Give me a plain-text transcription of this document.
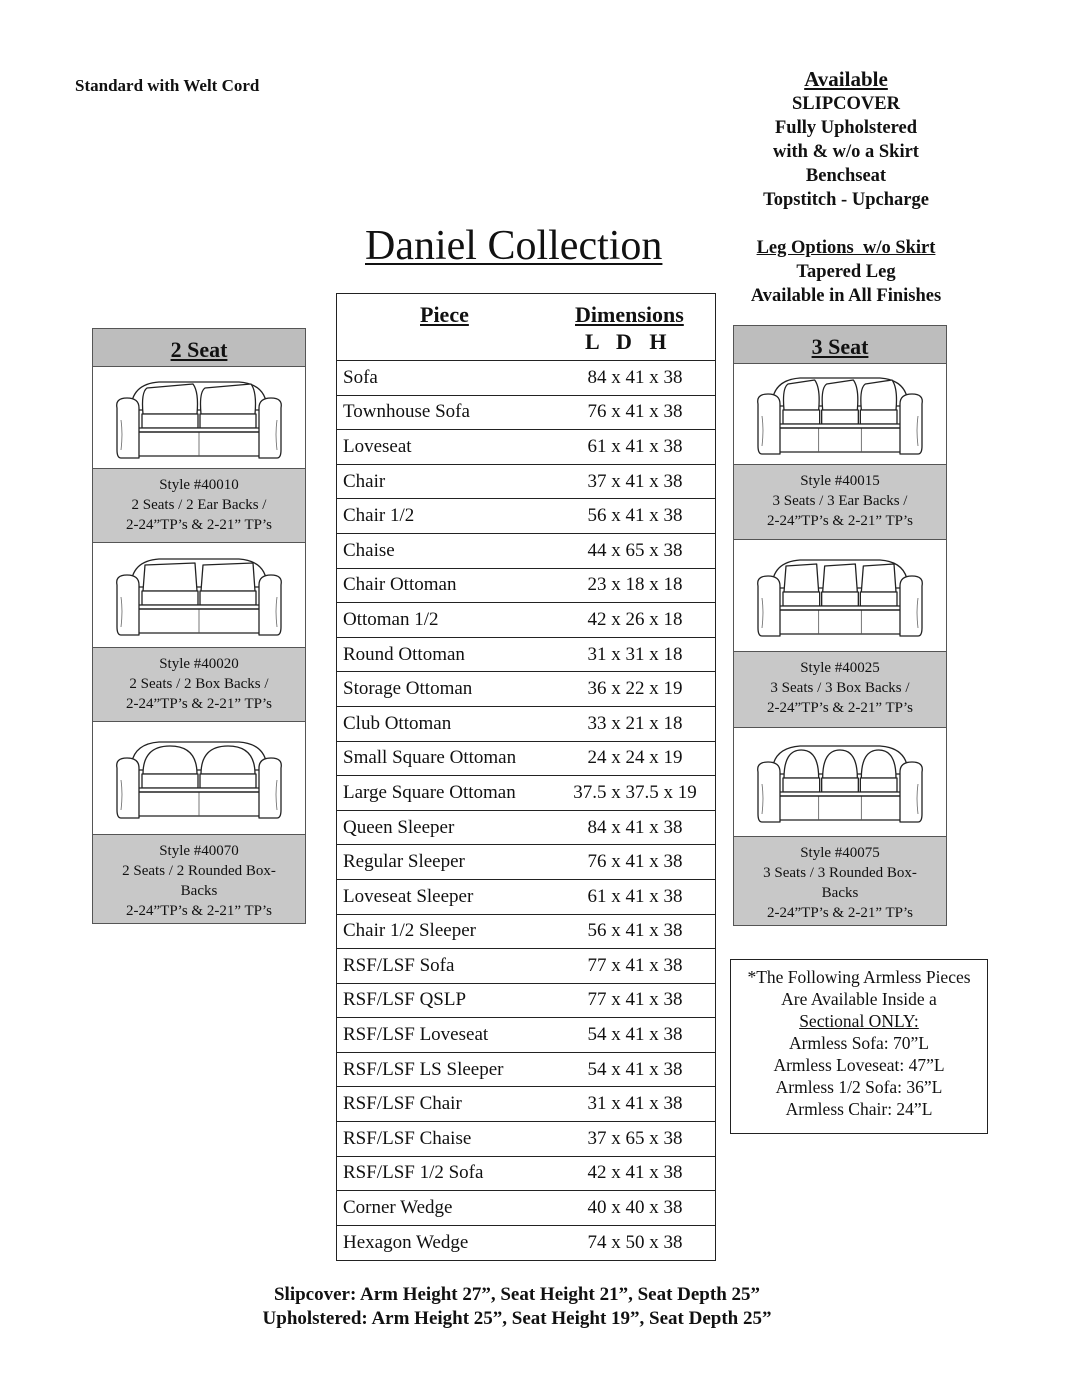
Standard with Welt Cord	Available
SLIPCOVER
Fully Upholstered
with & w/o a Skirt
Benchseat
Topstitch - Upcharge
Leg Options  w/o Skirt
Tapered Leg
Available in All Finishes
Daniel Collection
2 Seat
Style #40010
2 Seats / 2 Ear Backs /
2-24”TP’s & 2-21” TP’s
Style #40020
2 Seats / 2 Box Backs /
2-24”TP’s & 2-21” TP’s
Style #40070
2 Seats / 2 Rounded Box-
Backs
2-24”TP’s & 2-21” TP’s
Piece	Dimensions
L D H
Sofa	84 x 41 x 38
Townhouse Sofa	76 x 41 x 38
Loveseat	61 x 41 x 38
Chair	37 x 41 x 38
Chair 1/2	56 x 41 x 38
Chaise	44 x 65 x 38
Chair Ottoman	23 x 18 x 18
Ottoman 1/2	42 x 26 x 18
Round Ottoman	31 x 31 x 18
Storage Ottoman	36 x 22 x 19
Club Ottoman	33 x 21 x 18
Small Square Ottoman	24 x 24 x 19
Large Square Ottoman	37.5 x 37.5 x 19
Queen Sleeper	84 x 41 x 38
Regular Sleeper	76 x 41 x 38
Loveseat Sleeper	61 x 41 x 38
Chair 1/2 Sleeper	56 x 41 x 38
RSF/LSF Sofa	77 x 41 x 38
RSF/LSF QSLP	77 x 41 x 38
RSF/LSF Loveseat	54 x 41 x 38
RSF/LSF LS Sleeper	54 x 41 x 38
RSF/LSF Chair	31 x 41 x 38
RSF/LSF Chaise	37 x 65 x 38
RSF/LSF 1/2 Sofa	42 x 41 x 38
Corner Wedge	40 x 40 x 38
Hexagon Wedge	74 x 50 x 38
3 Seat
Style #40015
3 Seats / 3 Ear Backs /
2-24”TP’s & 2-21” TP’s
Style #40025
3 Seats / 3 Box Backs /
2-24”TP’s & 2-21” TP’s
Style #40075
3 Seats / 3 Rounded Box-
Backs
2-24”TP’s & 2-21” TP’s
*The Following Armless Pieces
Are Available Inside a
Sectional ONLY:
Armless Sofa: 70”L
Armless Loveseat: 47”L
Armless 1/2 Sofa: 36”L
Armless Chair: 24”L
Slipcover: Arm Height 27”, Seat Height 21”, Seat Depth 25”
Upholstered: Arm Height 25”, Seat Height 19”, Seat Depth 25”
